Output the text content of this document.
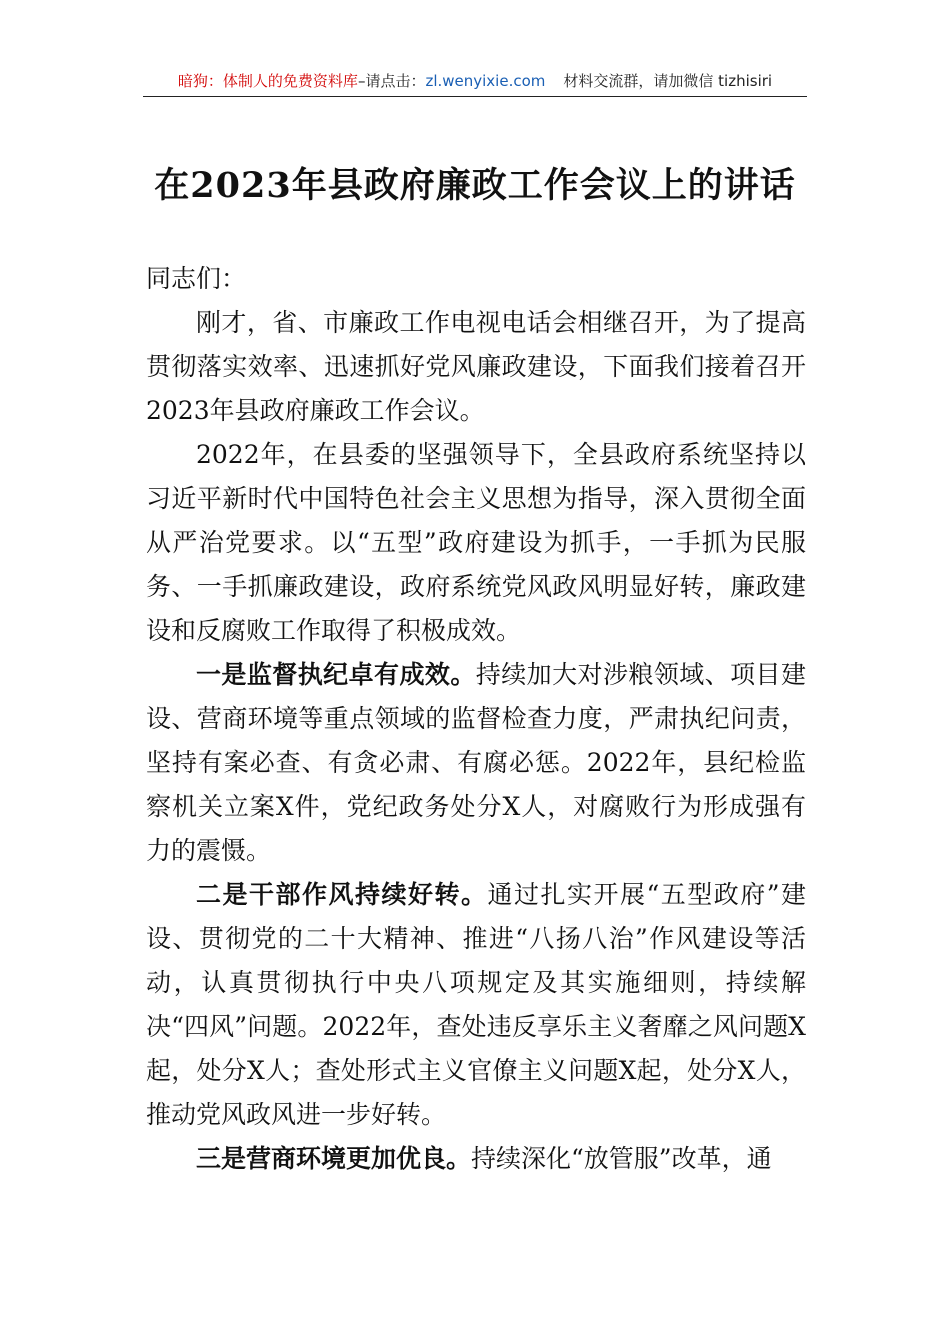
暗狗：体制人的免费资料库–请点击：zl.wenyixie.com 材料交流群，请加微信 tizhisiri
在2023年县政府廉政工作会议上的讲话

同志们：

刚才，省、市廉政工作电视电话会相继召开，为了提高贯彻落实效率、迅速抓好党风廉政建设，下面我们接着召开2023年县政府廉政工作会议。

2022年，在县委的坚强领导下，全县政府系统坚持以习近平新时代中国特色社会主义思想为指导，深入贯彻全面从严治党要求。以“五型”政府建设为抓手，一手抓为民服务、一手抓廉政建设，政府系统党风政风明显好转，廉政建设和反腐败工作取得了积极成效。

一是监督执纪卓有成效。持续加大对涉粮领域、项目建设、营商环境等重点领域的监督检查力度，严肃执纪问责，坚持有案必查、有贪必肃、有腐必惩。2022年，县纪检监察机关立案X件，党纪政务处分X人，对腐败行为形成强有力的震慑。

二是干部作风持续好转。通过扎实开展“五型政府”建设、贯彻党的二十大精神、推进“八扬八治”作风建设等活动，认真贯彻执行中央八项规定及其实施细则，持续解决“四风”问题。2022年，查处违反享乐主义奢靡之风问题X起，处分X人；查处形式主义官僚主义问题X起，处分X人，推动党风政风进一步好转。

三是营商环境更加优良。持续深化“放管服”改革，通
